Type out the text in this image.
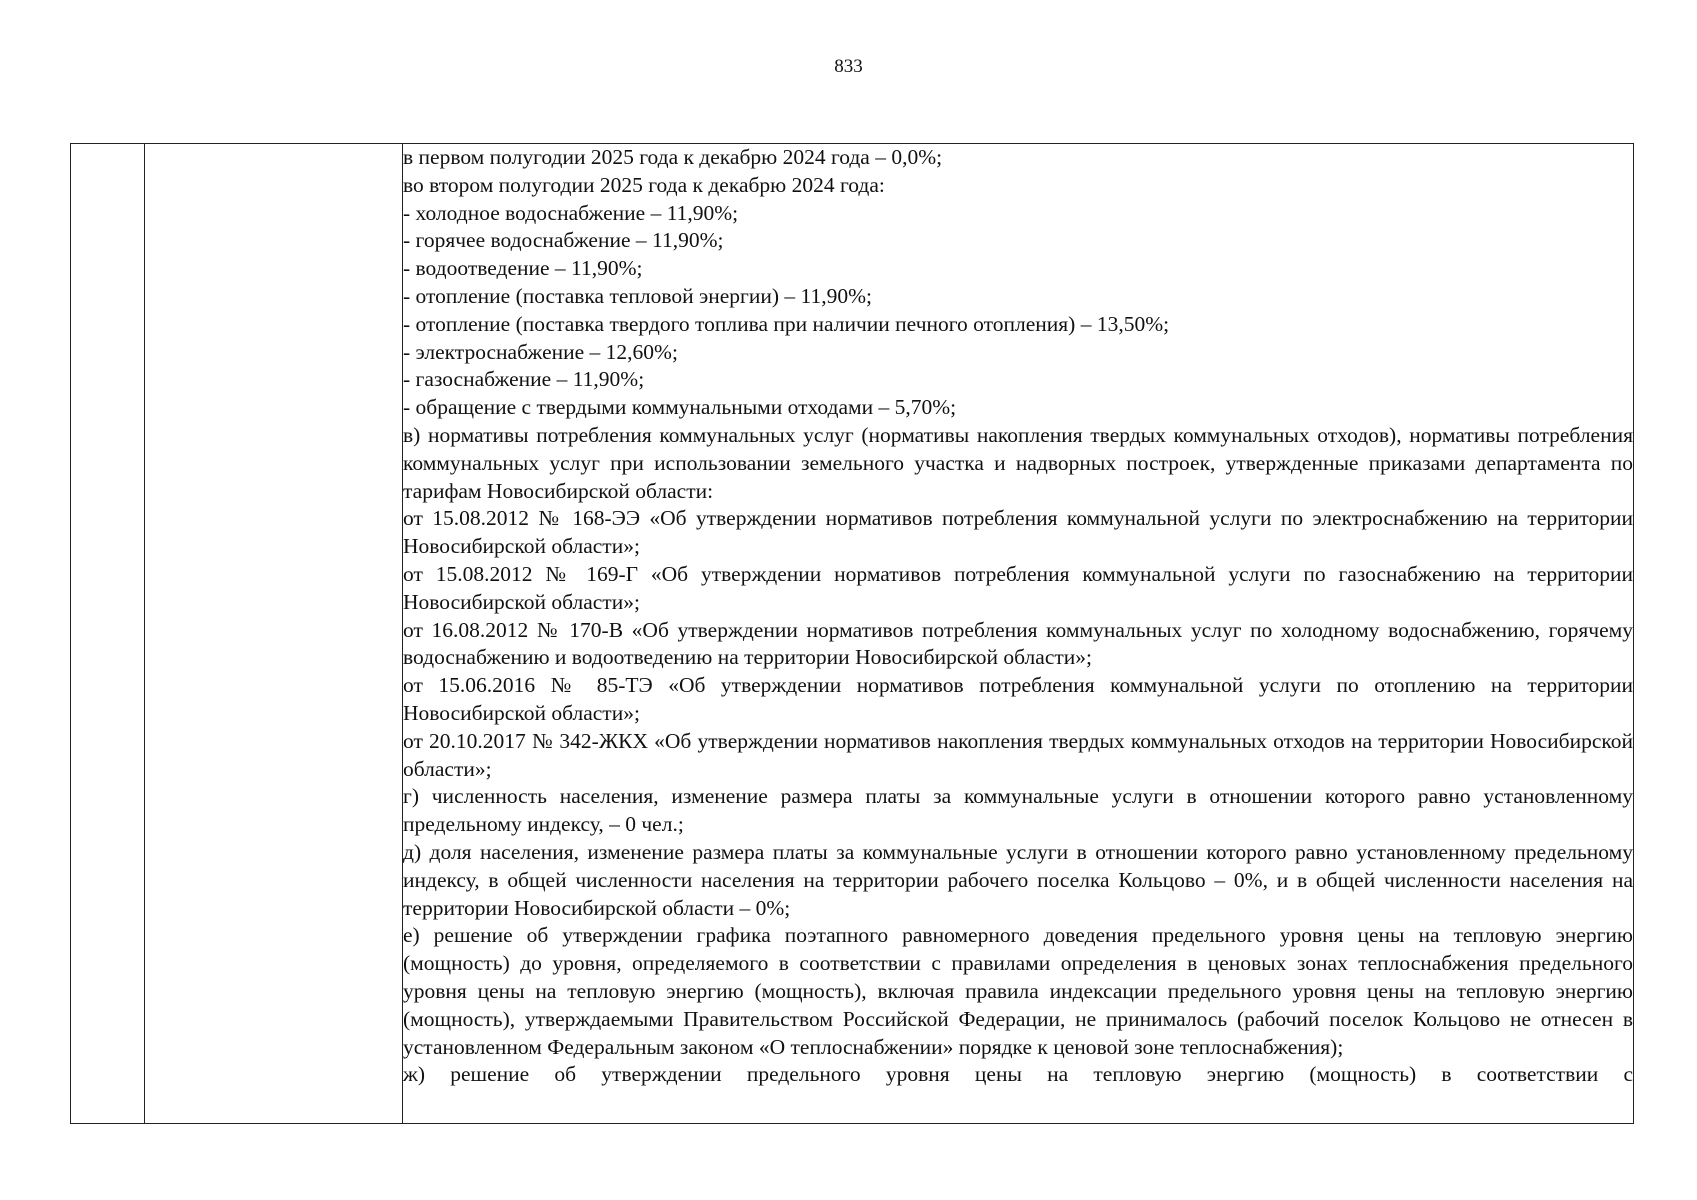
833

в первом полугодии 2025 года к декабрю 2024 года – 0,0%;
во втором полугодии 2025 года к декабрю 2024 года:
- холодное водоснабжение – 11,90%;
- горячее водоснабжение – 11,90%;
- водоотведение – 11,90%;
- отопление (поставка тепловой энергии) – 11,90%;
- отопление (поставка твердого топлива при наличии печного отопления) – 13,50%;
- электроснабжение – 12,60%;
- газоснабжение – 11,90%;
- обращение с твердыми коммунальными отходами – 5,70%;
в) нормативы потребления коммунальных услуг (нормативы накопления твердых коммунальных отходов), нормативы потребления коммунальных услуг при использовании земельного участка и надворных построек, утвержденные приказами департамента по тарифам Новосибирской области:
от 15.08.2012 № 168-ЭЭ «Об утверждении нормативов потребления коммунальной услуги по электроснабжению на территории Новосибирской области»;
от 15.08.2012 № 169-Г «Об утверждении нормативов потребления коммунальной услуги по газоснабжению на территории Новосибирской области»;
от 16.08.2012 № 170-В «Об утверждении нормативов потребления коммунальных услуг по холодному водоснабжению, горячему водоснабжению и водоотведению на территории Новосибирской области»;
от 15.06.2016 № 85-ТЭ «Об утверждении нормативов потребления коммунальной услуги по отоплению на территории Новосибирской области»;
от 20.10.2017 № 342-ЖКХ «Об утверждении нормативов накопления твердых коммунальных отходов на территории Новосибирской области»;
г) численность населения, изменение размера платы за коммунальные услуги в отношении которого равно установленному предельному индексу, – 0 чел.;
д) доля населения, изменение размера платы за коммунальные услуги в отношении которого равно установленному предельному индексу, в общей численности населения на территории рабочего поселка Кольцово – 0%, и в общей численности населения на территории Новосибирской области – 0%;
е) решение об утверждении графика поэтапного равномерного доведения предельного уровня цены на тепловую энергию (мощность) до уровня, определяемого в соответствии с правилами определения в ценовых зонах теплоснабжения предельного уровня цены на тепловую энергию (мощность), включая правила индексации предельного уровня цены на тепловую энергию (мощность), утверждаемыми Правительством Российской Федерации, не принималось (рабочий поселок Кольцово не отнесен в установленном Федеральным законом «О теплоснабжении» порядке к ценовой зоне теплоснабжения);
ж) решение об утверждении предельного уровня цены на тепловую энергию (мощность) в соответствии с
